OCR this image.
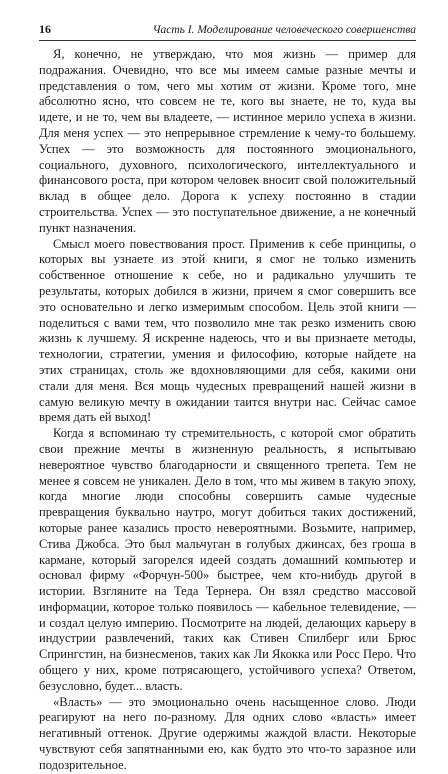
16	Часть I. Моделирование человеческого совершенства

Я, конечно, не утверждаю, что моя жизнь — пример для подражания. Очевидно, что все мы имеем самые разные мечты и представления о том, чего мы хотим от жизни. Кроме того, мне абсолютно ясно, что совсем не те, кого вы знаете, не то, куда вы идете, и не то, чем вы владеете, — истинное мерило успеха в жизни. Для меня успех — это непрерывное стремление к чему-то большему. Успех — это возможность для постоянного эмоционального, социального, духовного, психологического, интеллектуального и финансового роста, при котором человек вносит свой положительный вклад в общее дело. Дорога к успеху постоянно в стадии строительства. Успех — это поступательное движение, а не конечный пункт назначения.

Смысл моего повествования прост. Применив к себе принципы, о которых вы узнаете из этой книги, я смог не только изменить собственное отношение к себе, но и радикально улучшить те результаты, которых добился в жизни, причем я смог совершить все это основательно и легко измеримым способом. Цель этой книги — поделиться с вами тем, что позволило мне так резко изменить свою жизнь к лучшему. Я искренне надеюсь, что и вы признаете методы, технологии, стратегии, умения и философию, которые найдете на этих страницах, столь же вдохновляющими для себя, какими они стали для меня. Вся мощь чудесных превращений нашей жизни в самую великую мечту в ожидании таится внутри нас. Сейчас самое время дать ей выход!

Когда я вспоминаю ту стремительность, с которой смог обратить свои прежние мечты в жизненную реальность, я испытываю невероятное чувство благодарности и священного трепета. Тем не менее я совсем не уникален. Дело в том, что мы живем в такую эпоху, когда многие люди способны совершить самые чудесные превращения буквально наутро, могут добиться таких достижений, которые ранее казались просто невероятными. Возьмите, например, Стива Джобса. Это был мальчуган в голубых джинсах, без гроша в кармане, который загорелся идеей создать домашний компьютер и основал фирму «Форчун-500» быстрее, чем кто-нибудь другой в истории. Взгляните на Теда Тернера. Он взял средство массовой информации, которое только появилось — кабельное телевидение, — и создал целую империю. Посмотрите на людей, делающих карьеру в индустрии развлечений, таких как Стивен Спилберг или Брюс Спрингстин, на бизнесменов, таких как Ли Якокка или Росс Перо. Что общего у них, кроме потрясающего, устойчивого успеха? Ответом, безусловно, будет... власть.

«Власть» — это эмоционально очень насыщенное слово. Люди реагируют на него по-разному. Для одних слово «власть» имеет негативный оттенок. Другие одержимы жаждой власти. Некоторые чувствуют себя запятнанными ею, как будто это что-то заразное или подозрительное.
